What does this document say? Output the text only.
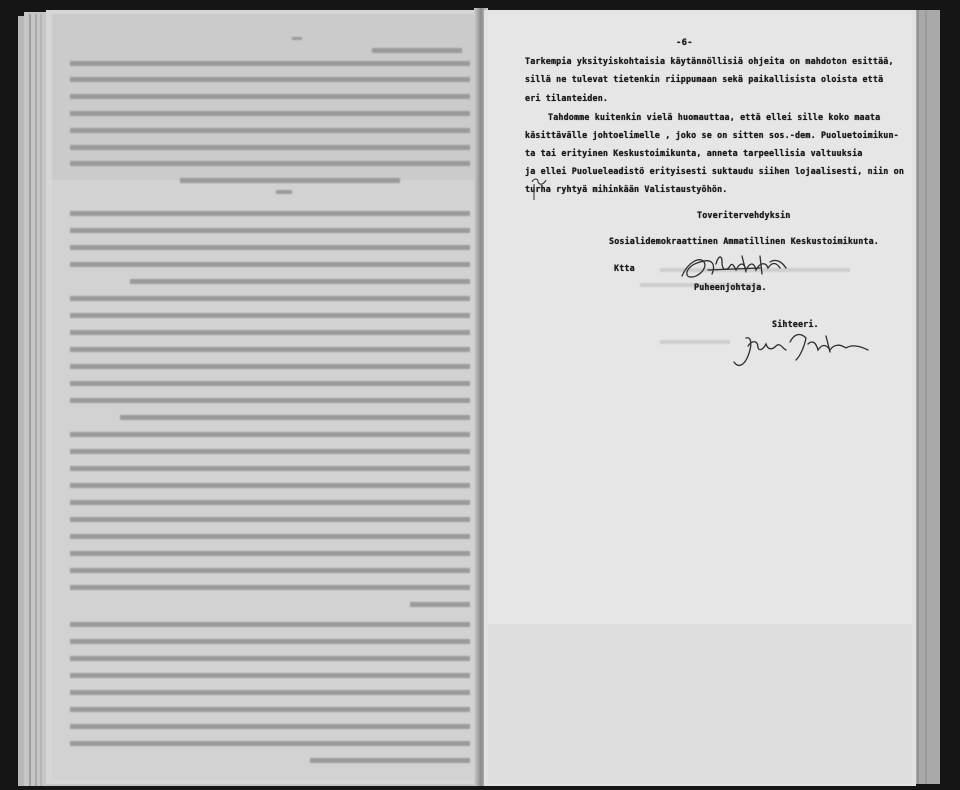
-6-
Tarkempia yksityiskohtaisia käytännöllisiä ohjeita on mahdoton esittää,
sillä ne tulevat tietenkin riippumaan sekä paikallisista oloista että
eri tilanteiden.
Tahdomme kuitenkin vielä huomauttaa, että ellei sille koko maata
käsittävälle johtoelimelle , joko se on sitten sos.-dem. Puoluetoimikun-
ta tai erityinen Keskustoimikunta, anneta tarpeellisia valtuuksia
ja ellei Puolueleadistö erityisesti suktaudu siihen lojaalisesti, niin on
turha ryhtyä mihinkään Valistaustyöhön.
Toveritervehdyksin
Sosialidemokraattinen Ammatillinen Keskustoimikunta.
Ktta
Puheenjohtaja.
Sihteeri.
